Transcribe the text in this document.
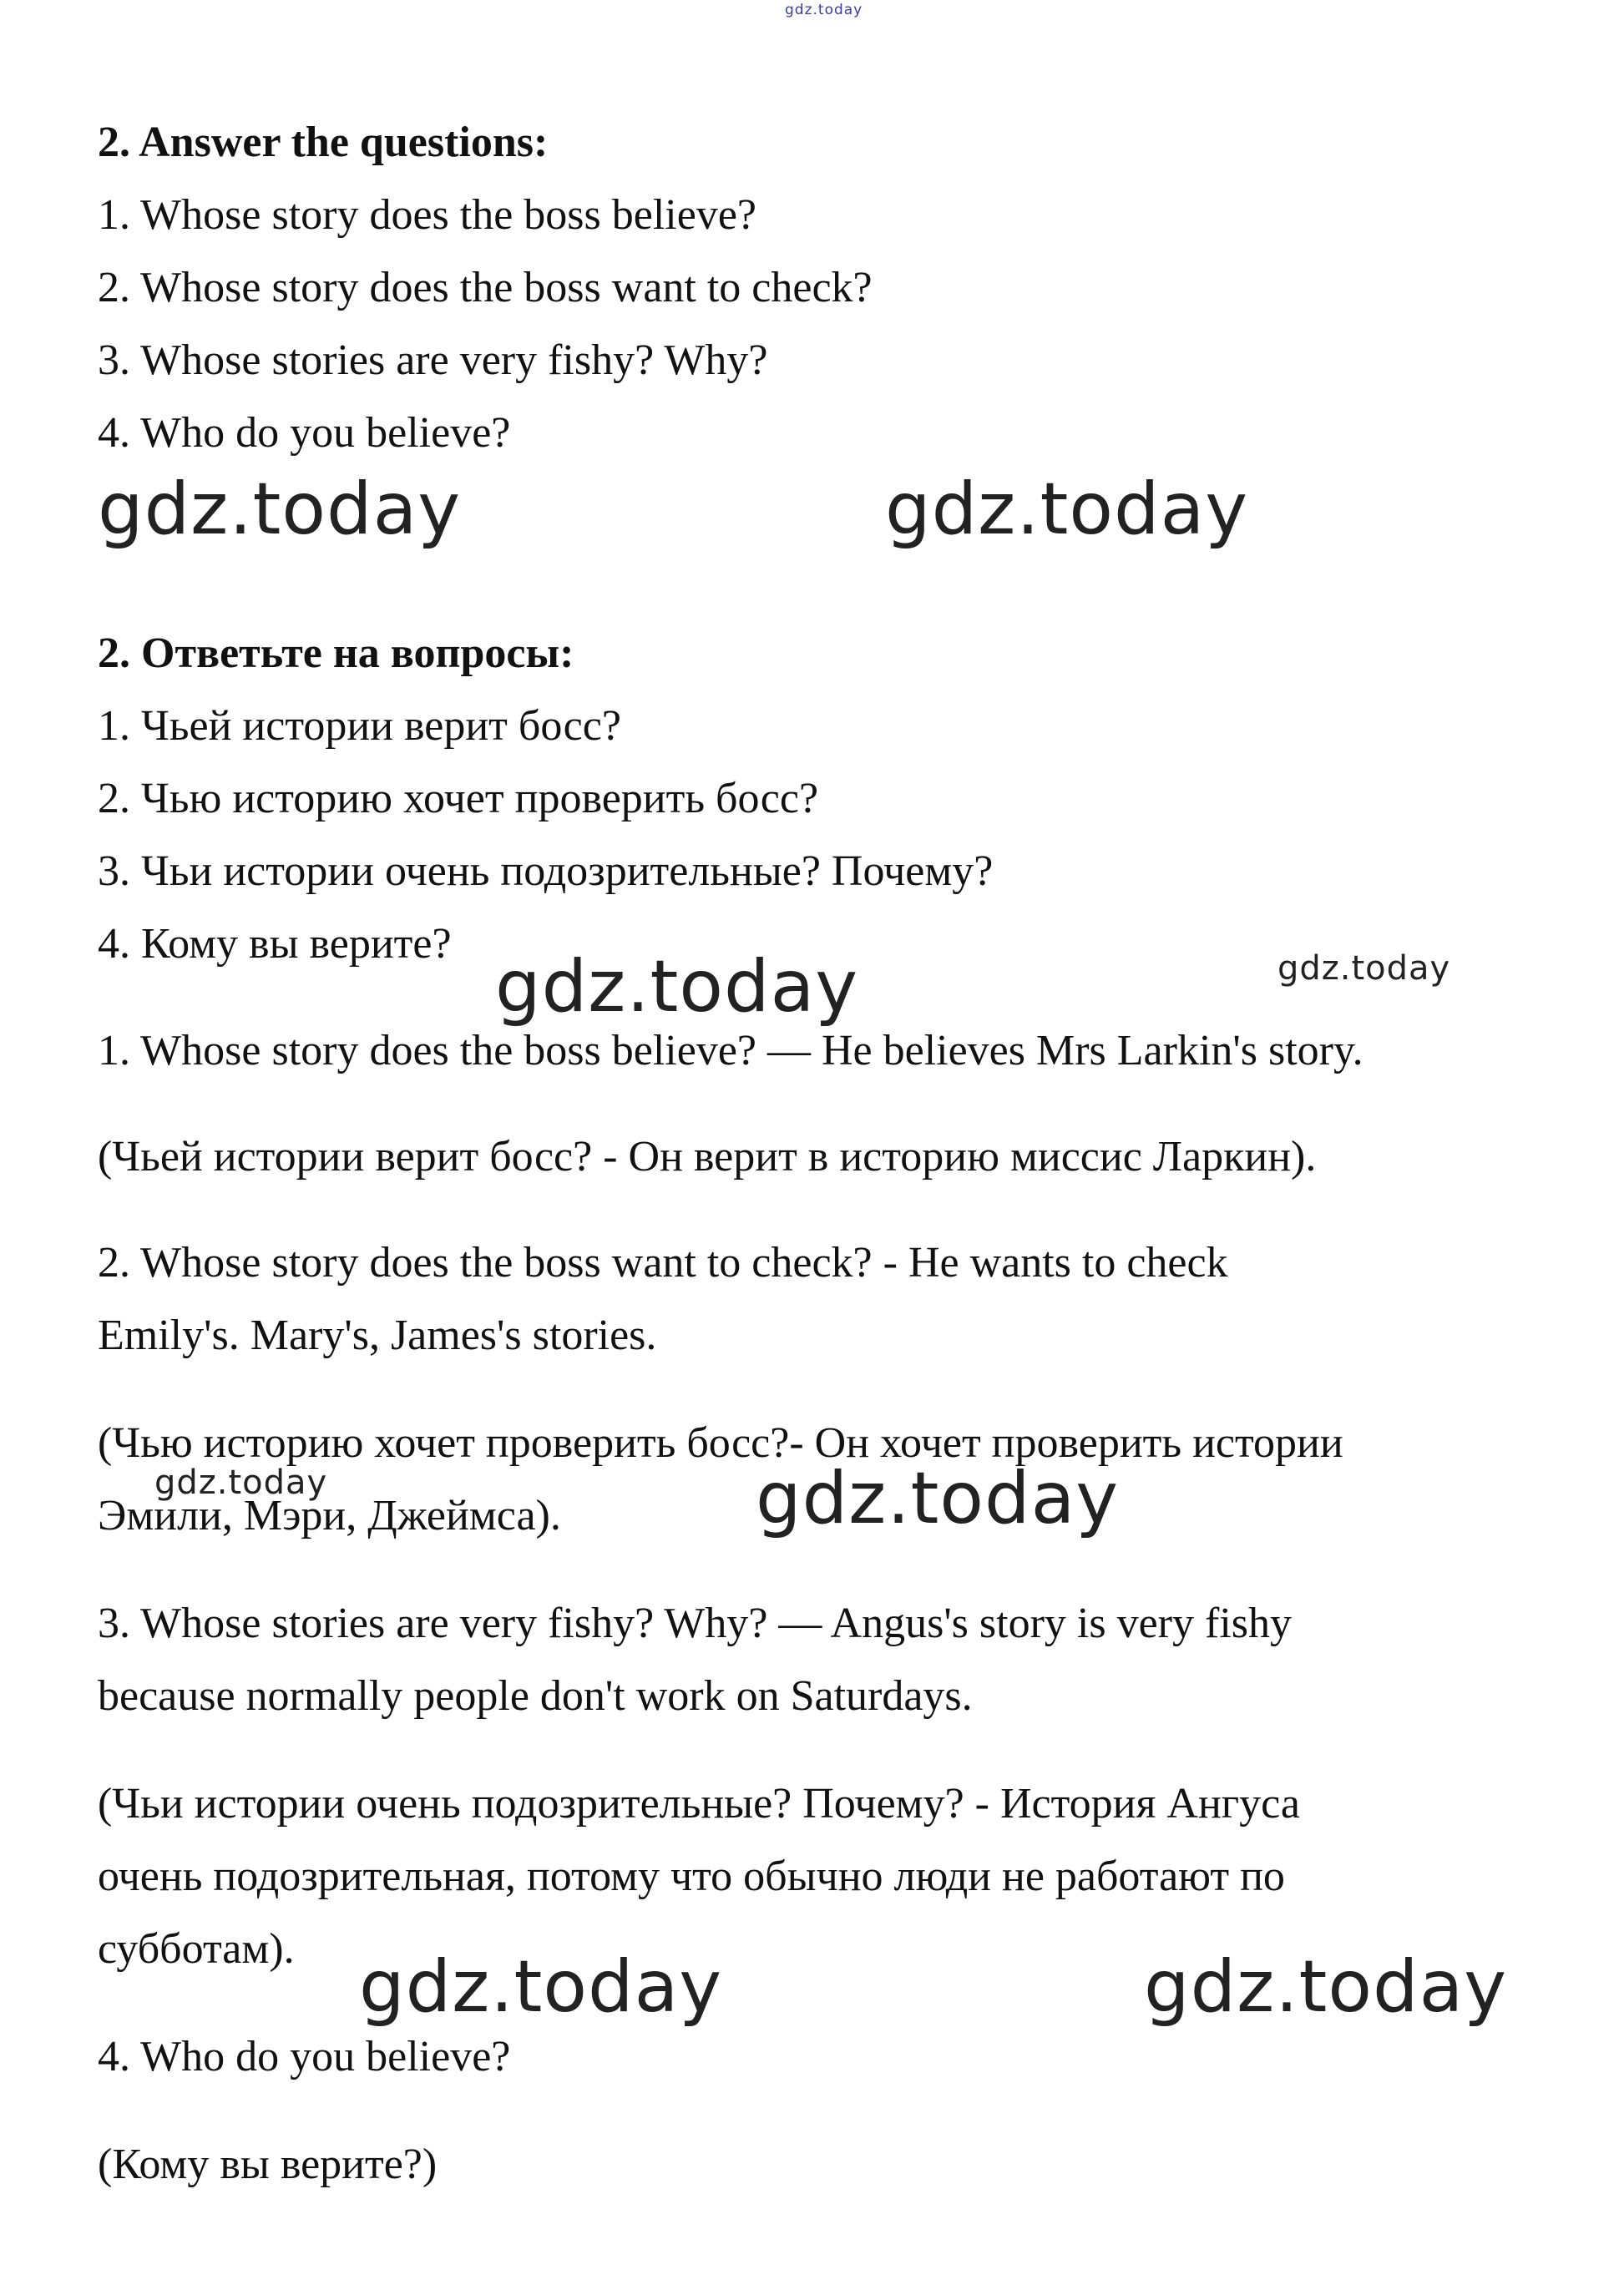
gdz.today

2. Answer the questions:

1. Whose story does the boss believe?

2. Whose story does the boss want to check?

3. Whose stories are very fishy? Why?

4. Who do you believe?

gdz.today	gdz.today

2. Ответьте на вопросы:

1. Чьей истории верит босс?

2. Чью историю хочет проверить босс?

3. Чьи истории очень подозрительные? Почему?

4. Кому вы верите?

gdz.today	gdz.today

1. Whose story does the boss believe? — He believes Mrs Larkin's story.

(Чьей истории верит босс? - Он верит в историю миссис Ларкин).

2. Whose story does the boss want to check? - He wants to check

Emily's. Mary's, James's stories.

(Чью историю хочет проверить босс?- Он хочет проверить истории

Эмили, Мэри, Джеймса).

gdz.today	gdz.today

3. Whose stories are very fishy? Why? — Angus's story is very fishy

because normally people don't work on Saturdays.

(Чьи истории очень подозрительные? Почему? - История Ангуса

очень подозрительная, потому что обычно люди не работают по

субботам). gdz.today	gdz.today

4. Who do you believe?

(Кому вы верите?)
